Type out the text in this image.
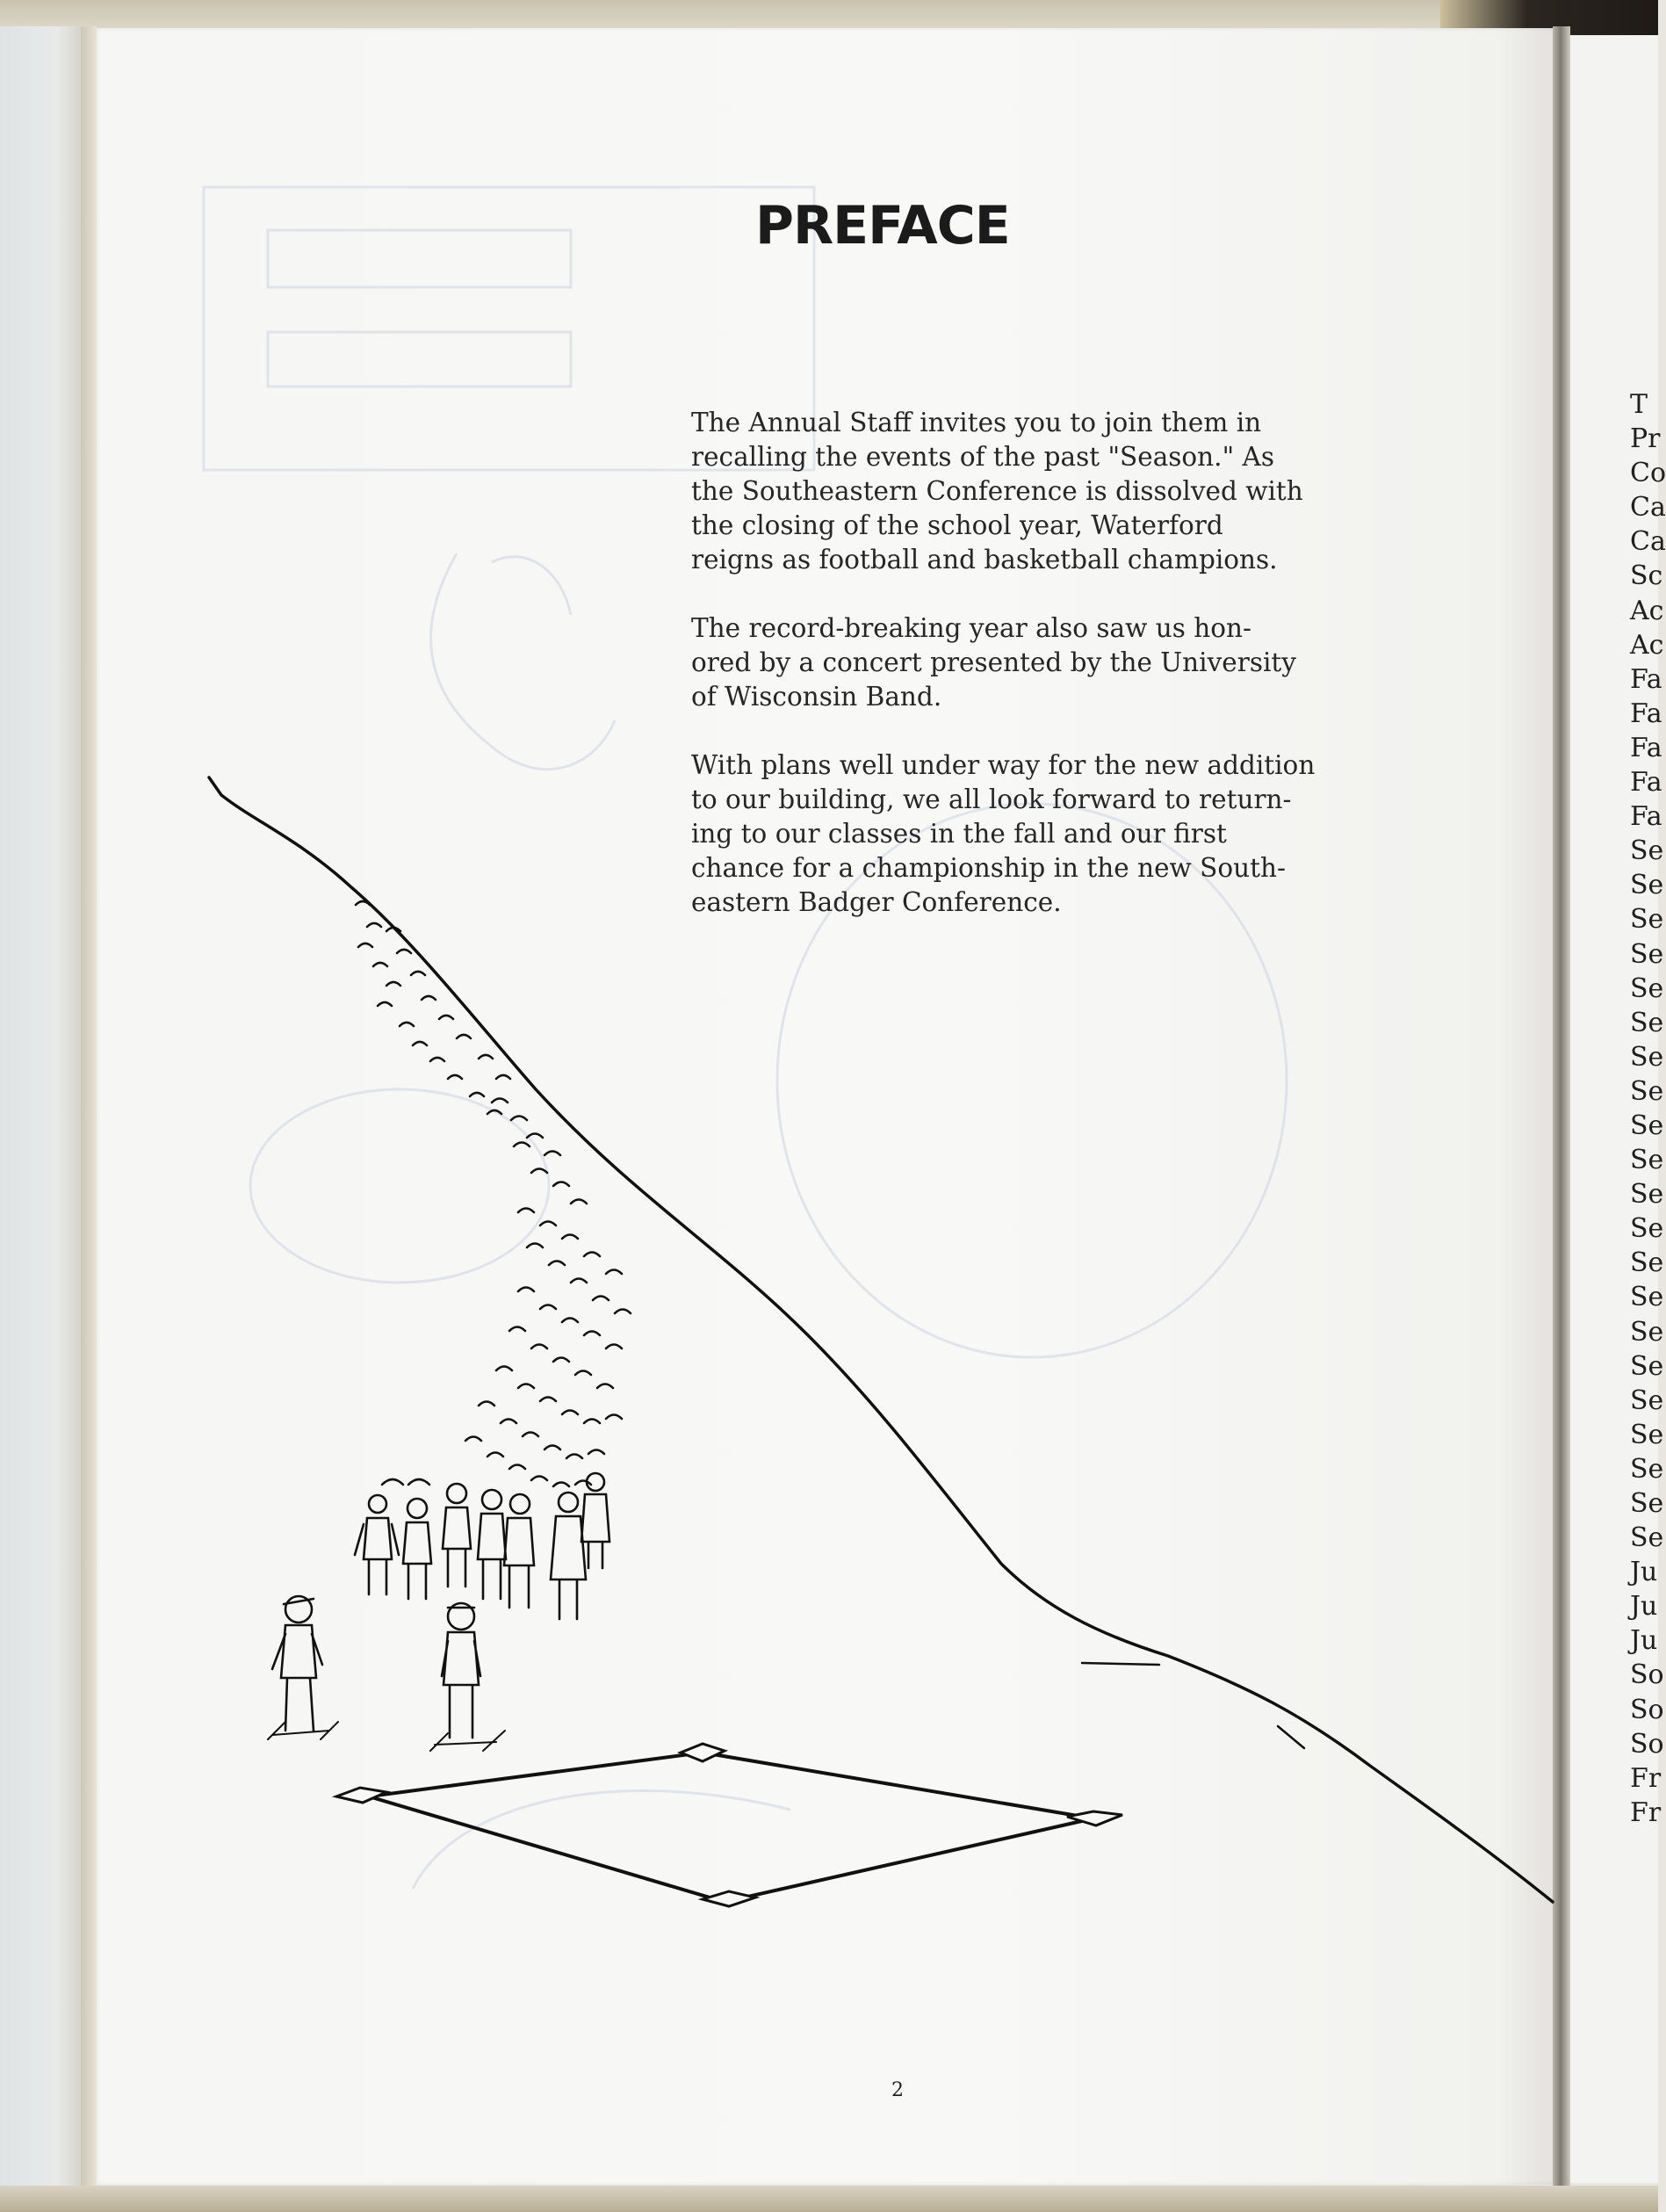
PREFACE

The Annual Staff invites you to join them in
recalling the events of the past "Season." As
the Southeastern Conference is dissolved with
the closing of the school year, Waterford
reigns as football and basketball champions.

The record-breaking year also saw us hon-
ored by a concert presented by the University
of Wisconsin Band.

With plans well under way for the new addition
to our building, we all look forward to return-
ing to our classes in the fall and our first
chance for a championship in the new South-
eastern Badger Conference.

2
T
Pr
Co
Ca
Ca
Sc
Ac
Ac
Fa
Fa
Fa
Fa
Fa
Se
Se
Se
Se
Se
Se
Se
Se
Se
Se
Se
Se
Se
Se
Se
Se
Se
Se
Se
Se
Se
Ju
Ju
Ju
So
So
So
Fr
Fr
